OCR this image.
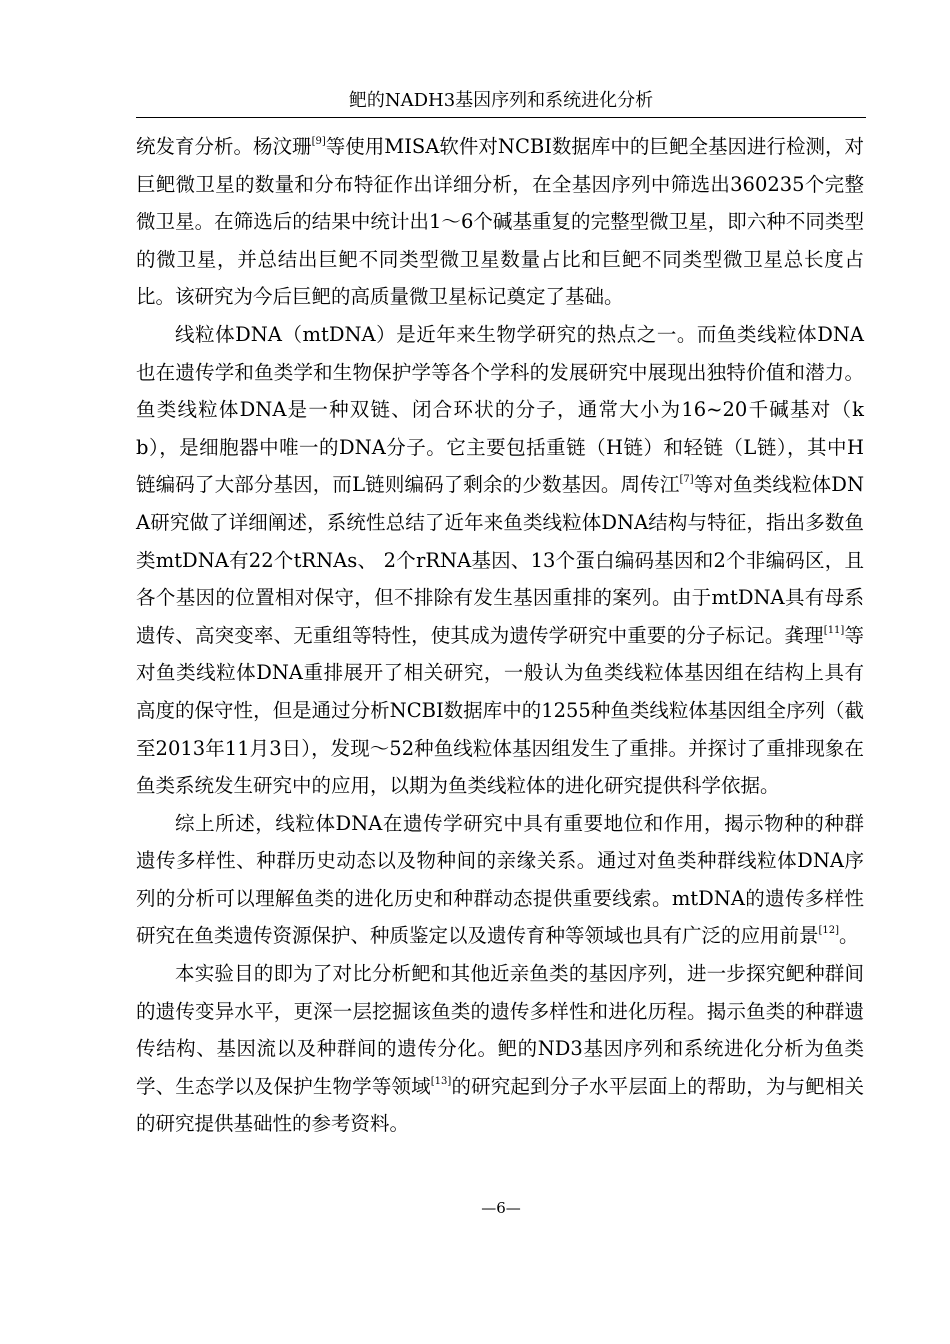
鲃的NADH3基因序列和系统进化分析

统发育分析。杨汶珊[9]等使用MISA软件对NCBI数据库中的巨鲃全基因进行检测，对巨鲃微卫星的数量和分布特征作出详细分析，在全基因序列中筛选出360235个完整微卫星。在筛选后的结果中统计出1～6个碱基重复的完整型微卫星，即六种不同类型的微卫星，并总结出巨鲃不同类型微卫星数量占比和巨鲃不同类型微卫星总长度占比。该研究为今后巨鲃的高质量微卫星标记奠定了基础。

线粒体DNA（mtDNA）是近年来生物学研究的热点之一。而鱼类线粒体DNA也在遗传学和鱼类学和生物保护学等各个学科的发展研究中展现出独特价值和潜力。鱼类线粒体DNA是一种双链、闭合环状的分子，通常大小为16~20千碱基对（kb），是细胞器中唯一的DNA分子。它主要包括重链（H链）和轻链（L链），其中H链编码了大部分基因，而L链则编码了剩余的少数基因。周传江[7]等对鱼类线粒体DNA研究做了详细阐述，系统性总结了近年来鱼类线粒体DNA结构与特征，指出多数鱼类mtDNA有22个tRNAs、 2个rRNA基因、13个蛋白编码基因和2个非编码区，且各个基因的位置相对保守，但不排除有发生基因重排的案列。由于mtDNA具有母系遗传、高突变率、无重组等特性，使其成为遗传学研究中重要的分子标记。龚理[11]等对鱼类线粒体DNA重排展开了相关研究，一般认为鱼类线粒体基因组在结构上具有高度的保守性，但是通过分析NCBI数据库中的1255种鱼类线粒体基因组全序列（截至2013年11月3日），发现～52种鱼线粒体基因组发生了重排。并探讨了重排现象在鱼类系统发生研究中的应用，以期为鱼类线粒体的进化研究提供科学依据。

综上所述，线粒体DNA在遗传学研究中具有重要地位和作用，揭示物种的种群遗传多样性、种群历史动态以及物种间的亲缘关系。通过对鱼类种群线粒体DNA序列的分析可以理解鱼类的进化历史和种群动态提供重要线索。mtDNA的遗传多样性研究在鱼类遗传资源保护、种质鉴定以及遗传育种等领域也具有广泛的应用前景[12]。

本实验目的即为了对比分析鲃和其他近亲鱼类的基因序列，进一步探究鲃种群间的遗传变异水平，更深一层挖掘该鱼类的遗传多样性和进化历程。揭示鱼类的种群遗传结构、基因流以及种群间的遗传分化。鲃的ND3基因序列和系统进化分析为鱼类学、生态学以及保护生物学等领域[13]的研究起到分子水平层面上的帮助，为与鲃相关的研究提供基础性的参考资料。

—6—
